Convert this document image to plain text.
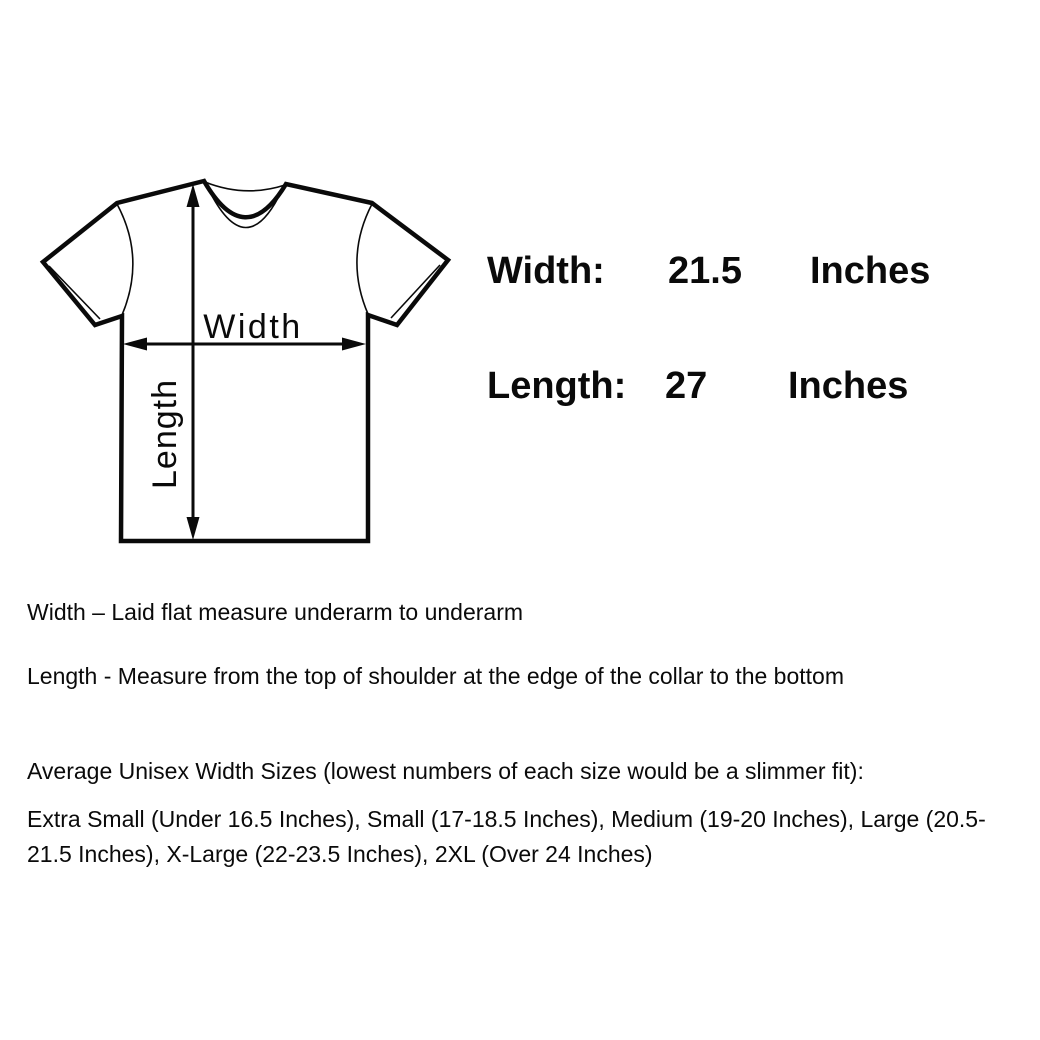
Width
Length
Width: 21.5 Inches
Length: 27 Inches

Width – Laid flat measure underarm to underarm

Length - Measure from the top of shoulder at the edge of the collar to the bottom

Average Unisex Width Sizes (lowest numbers of each size would be a slimmer fit):

Extra Small (Under 16.5 Inches), Small (17-18.5 Inches), Medium (19-20 Inches), Large (20.5-21.5 Inches), X-Large (22-23.5 Inches), 2XL (Over 24 Inches)
